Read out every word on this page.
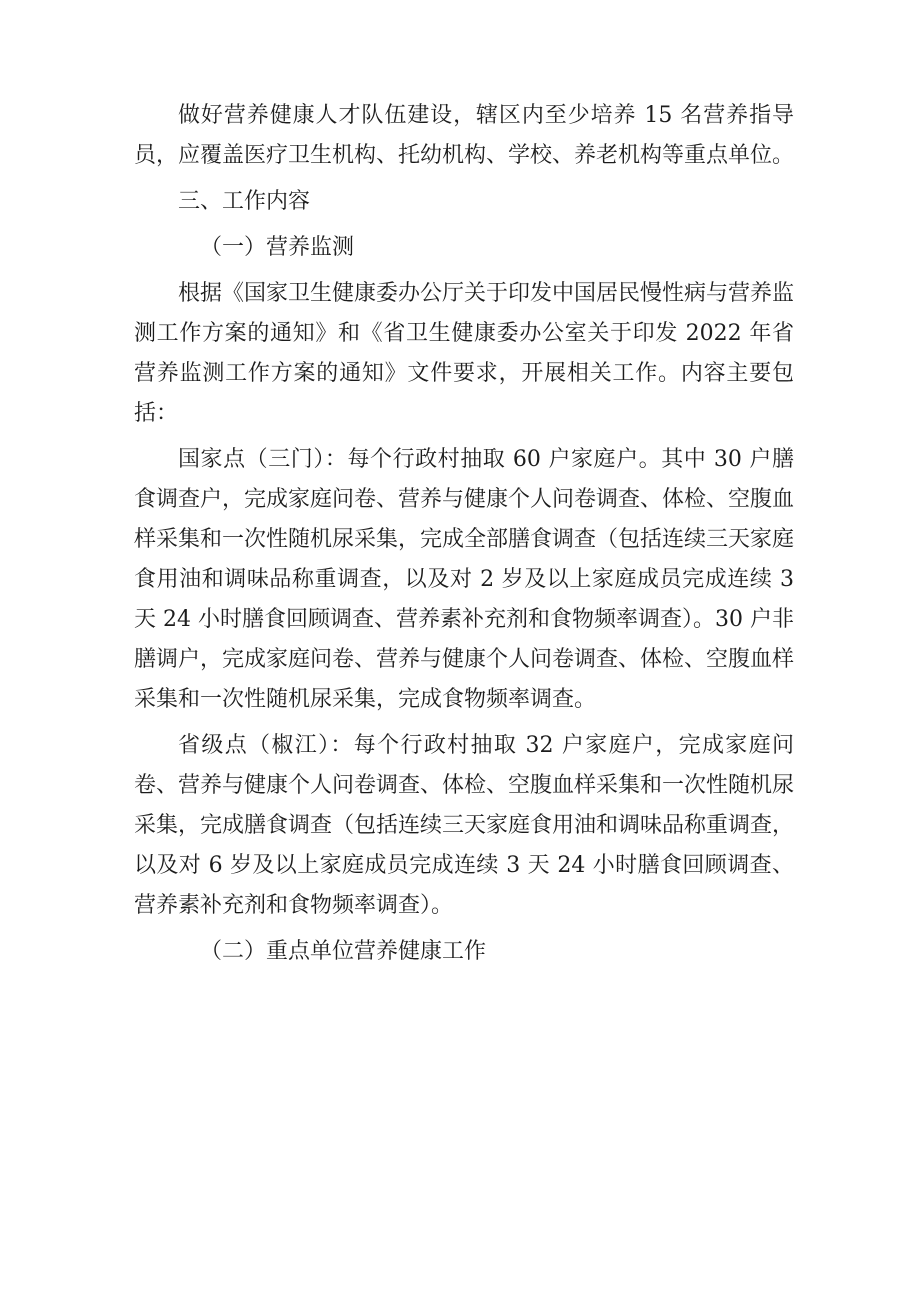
做好营养健康人才队伍建设，辖区内至少培养 15 名营养指导员，应覆盖医疗卫生机构、托幼机构、学校、养老机构等重点单位。

三、工作内容

（一）营养监测

根据《国家卫生健康委办公厅关于印发中国居民慢性病与营养监测工作方案的通知》和《省卫生健康委办公室关于印发 2022 年省营养监测工作方案的通知》文件要求，开展相关工作。内容主要包括：

国家点（三门）：每个行政村抽取 60 户家庭户。其中 30 户膳食调查户，完成家庭问卷、营养与健康个人问卷调查、体检、空腹血样采集和一次性随机尿采集，完成全部膳食调查（包括连续三天家庭食用油和调味品称重调查，以及对 2 岁及以上家庭成员完成连续 3 天 24 小时膳食回顾调查、营养素补充剂和食物频率调查）。30 户非膳调户，完成家庭问卷、营养与健康个人问卷调查、体检、空腹血样采集和一次性随机尿采集，完成食物频率调查。

省级点（椒江）：每个行政村抽取 32 户家庭户，完成家庭问卷、营养与健康个人问卷调查、体检、空腹血样采集和一次性随机尿采集，完成膳食调查（包括连续三天家庭食用油和调味品称重调查，以及对 6 岁及以上家庭成员完成连续 3 天 24 小时膳食回顾调查、营养素补充剂和食物频率调查）。

（二）重点单位营养健康工作
